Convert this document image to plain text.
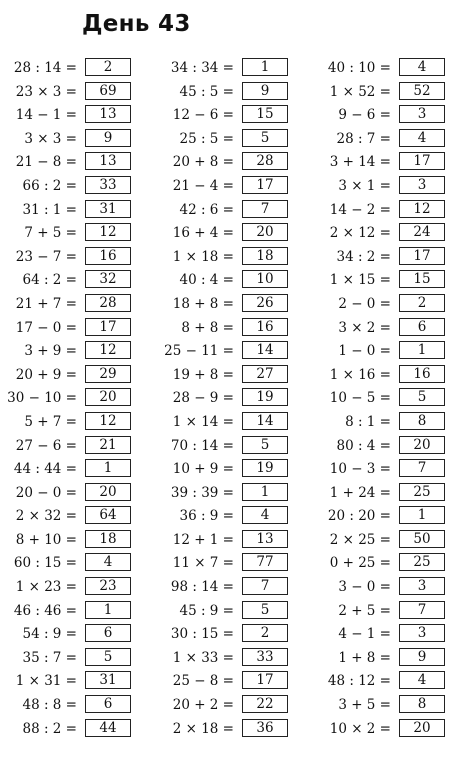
День 43
28 : 14 =	2
23 × 3 =	69
14 − 1 =	13
3 × 3 =	9
21 − 8 =	13
66 : 2 =	33
31 : 1 =	31
7 + 5 =	12
23 − 7 =	16
64 : 2 =	32
21 + 7 =	28
17 − 0 =	17
3 + 9 =	12
20 + 9 =	29
30 − 10 =	20
5 + 7 =	12
27 − 6 =	21
44 : 44 =	1
20 − 0 =	20
2 × 32 =	64
8 + 10 =	18
60 : 15 =	4
1 × 23 =	23
46 : 46 =	1
54 : 9 =	6
35 : 7 =	5
1 × 31 =	31
48 : 8 =	6
88 : 2 =	44
34 : 34 =	1
45 : 5 =	9
12 − 6 =	15
25 : 5 =	5
20 + 8 =	28
21 − 4 =	17
42 : 6 =	7
16 + 4 =	20
1 × 18 =	18
40 : 4 =	10
18 + 8 =	26
8 + 8 =	16
25 − 11 =	14
19 + 8 =	27
28 − 9 =	19
1 × 14 =	14
70 : 14 =	5
10 + 9 =	19
39 : 39 =	1
36 : 9 =	4
12 + 1 =	13
11 × 7 =	77
98 : 14 =	7
45 : 9 =	5
30 : 15 =	2
1 × 33 =	33
25 − 8 =	17
20 + 2 =	22
2 × 18 =	36
40 : 10 =	4
1 × 52 =	52
9 − 6 =	3
28 : 7 =	4
3 + 14 =	17
3 × 1 =	3
14 − 2 =	12
2 × 12 =	24
34 : 2 =	17
1 × 15 =	15
2 − 0 =	2
3 × 2 =	6
1 − 0 =	1
1 × 16 =	16
10 − 5 =	5
8 : 1 =	8
80 : 4 =	20
10 − 3 =	7
1 + 24 =	25
20 : 20 =	1
2 × 25 =	50
0 + 25 =	25
3 − 0 =	3
2 + 5 =	7
4 − 1 =	3
1 + 8 =	9
48 : 12 =	4
3 + 5 =	8
10 × 2 =	20
